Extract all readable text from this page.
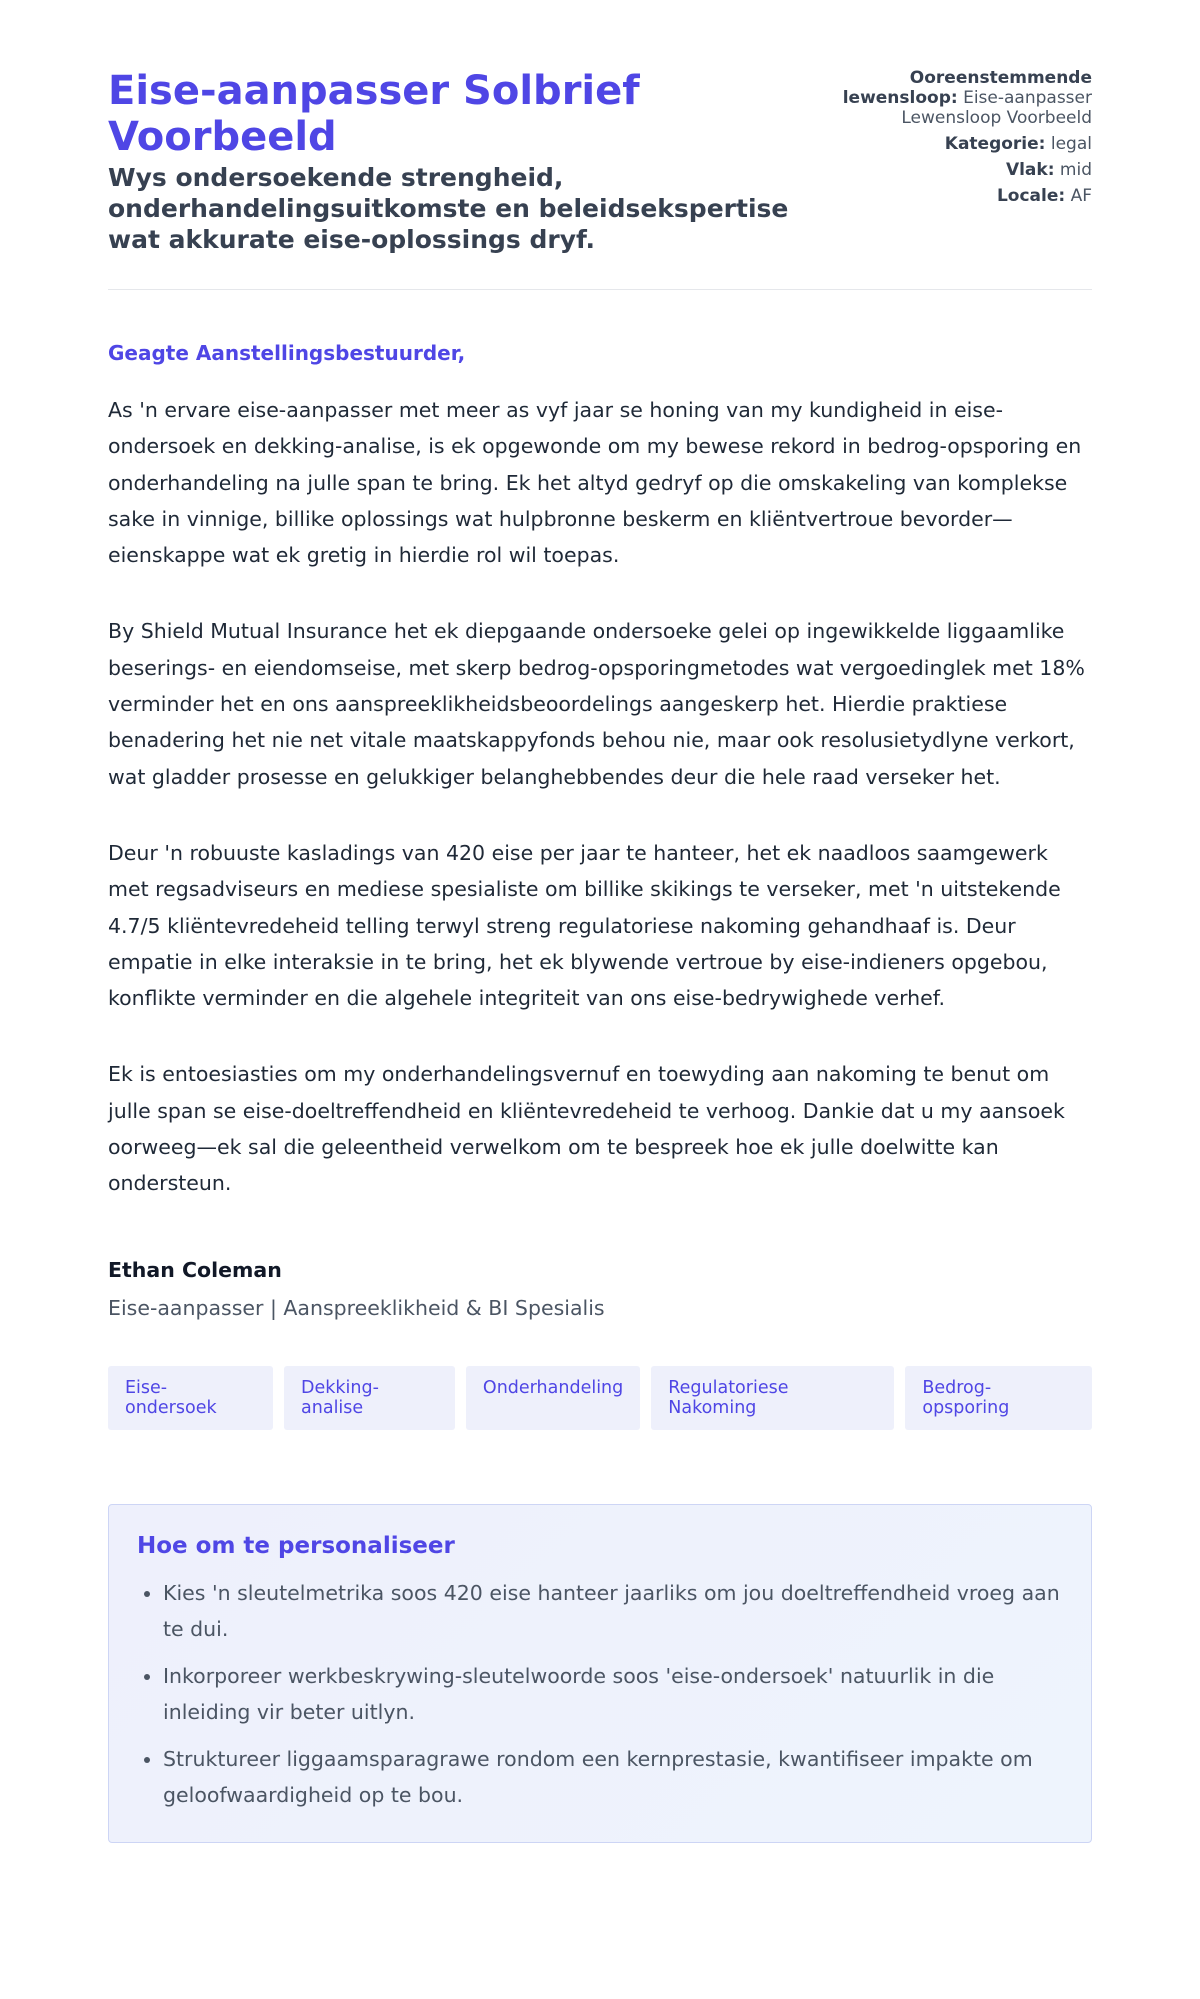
Eise-aanpasser Solbrief Voorbeeld

Wys ondersoekende strengheid, onderhandelingsuitkomste en beleidsekspertise wat akkurate eise-oplossings dryf.

Ooreenstemmende lewensloop: Eise-aanpasser Lewensloop Voorbeeld
Kategorie: legal
Vlak: mid
Locale: AF

Geagte Aanstellingsbestuurder,

As 'n ervare eise-aanpasser met meer as vyf jaar se honing van my kundigheid in eise-ondersoek en dekking-analise, is ek opgewonde om my bewese rekord in bedrog-opsporing en onderhandeling na julle span te bring. Ek het altyd gedryf op die omskakeling van komplekse sake in vinnige, billike oplossings wat hulpbronne beskerm en kliëntvertroue bevorder—eienskappe wat ek gretig in hierdie rol wil toepas.

By Shield Mutual Insurance het ek diepgaande ondersoeke gelei op ingewikkelde liggaamlike beserings- en eiendomseise, met skerp bedrog-opsporingmetodes wat vergoedinglek met 18% verminder het en ons aanspreeklikheidsbeoordelings aangeskerp het. Hierdie praktiese benadering het nie net vitale maatskappyfonds behou nie, maar ook resolusietydlyne verkort, wat gladder prosesse en gelukkiger belanghebbendes deur die hele raad verseker het.

Deur 'n robuuste kasladings van 420 eise per jaar te hanteer, het ek naadloos saamgewerk met regsadviseurs en mediese spesialiste om billike skikings te verseker, met 'n uitstekende 4.7/5 kliëntevredeheid telling terwyl streng regulatoriese nakoming gehandhaaf is. Deur empatie in elke interaksie in te bring, het ek blywende vertroue by eise-indieners opgebou, konflikte verminder en die algehele integriteit van ons eise-bedrywighede verhef.

Ek is entoesiasties om my onderhandelingsvernuf en toewyding aan nakoming te benut om julle span se eise-doeltreffendheid en kliëntevredeheid te verhoog. Dankie dat u my aansoek oorweeg—ek sal die geleentheid verwelkom om te bespreek hoe ek julle doelwitte kan ondersteun.

Ethan Coleman
Eise-aanpasser | Aanspreeklikheid & BI Spesialis
Eise-ondersoek
Dekking-analise
Onderhandeling	Regulatoriese Nakoming
Bedrog-opsporing
Hoe om te personaliseer
• Kies 'n sleutelmetrika soos 420 eise hanteer jaarliks om jou doeltreffendheid vroeg aan te dui.
• Inkorporeer werkbeskrywing-sleutelwoorde soos 'eise-ondersoek' natuurlik in die inleiding vir beter uitlyn.
• Struktureer liggaamsparagrawe rondom een kernprestasie, kwantifiseer impakte om geloofwaardigheid op te bou.
